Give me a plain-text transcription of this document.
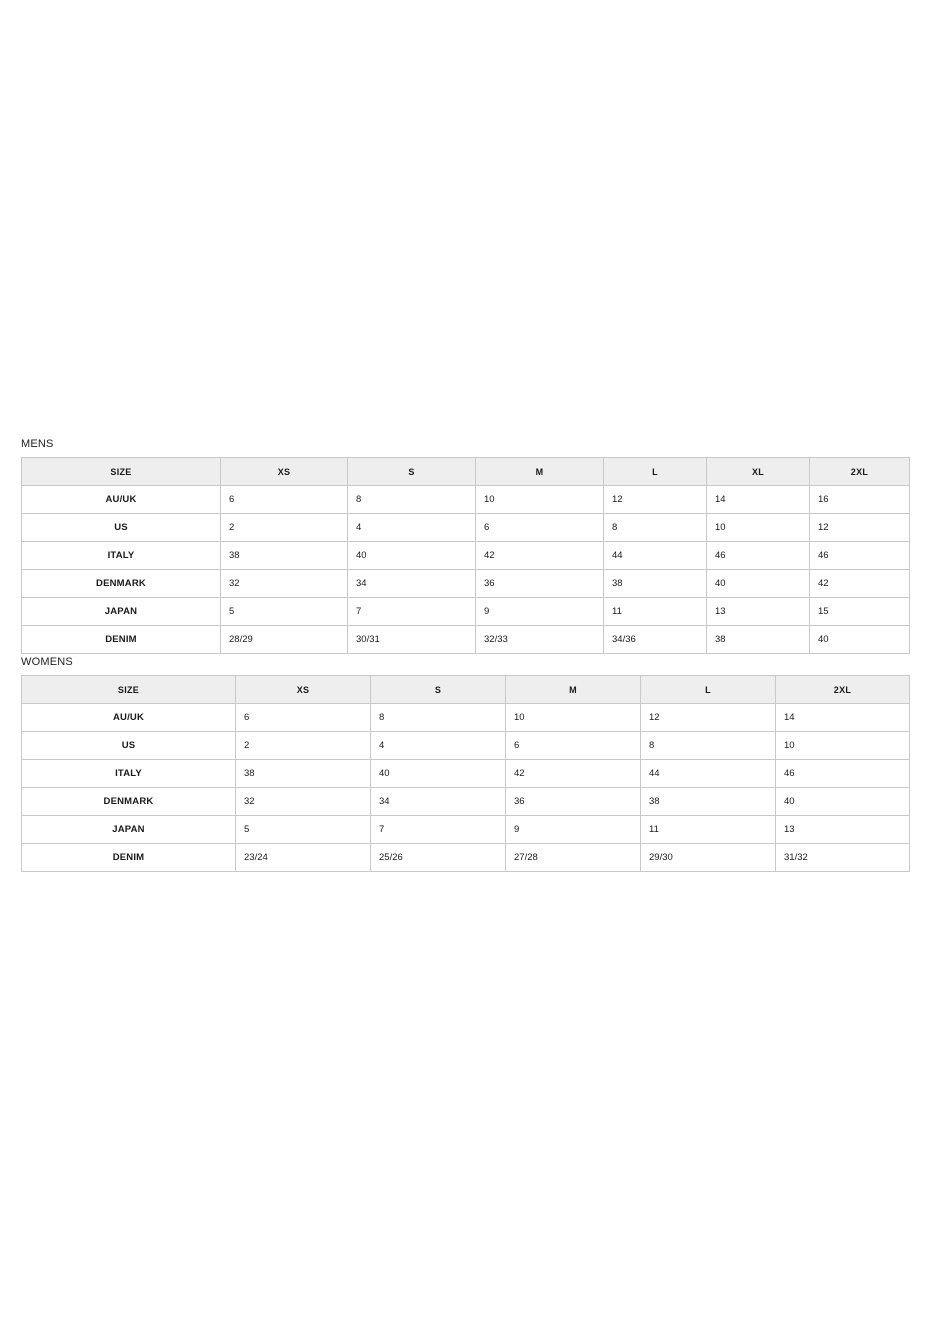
MENS
SIZE	XS	S	M	L	XL	2XL
AU/UK	6	8	10	12	14	16
US	2	4	6	8	10	12
ITALY	38	40	42	44	46	46
DENMARK	32	34	36	38	40	42
JAPAN	5	7	9	11	13	15
DENIM	28/29	30/31	32/33	34/36	38	40
WOMENS
SIZE	XS	S	M	L	2XL
AU/UK	6	8	10	12	14
US	2	4	6	8	10
ITALY	38	40	42	44	46
DENMARK	32	34	36	38	40
JAPAN	5	7	9	11	13
DENIM	23/24	25/26	27/28	29/30	31/32
